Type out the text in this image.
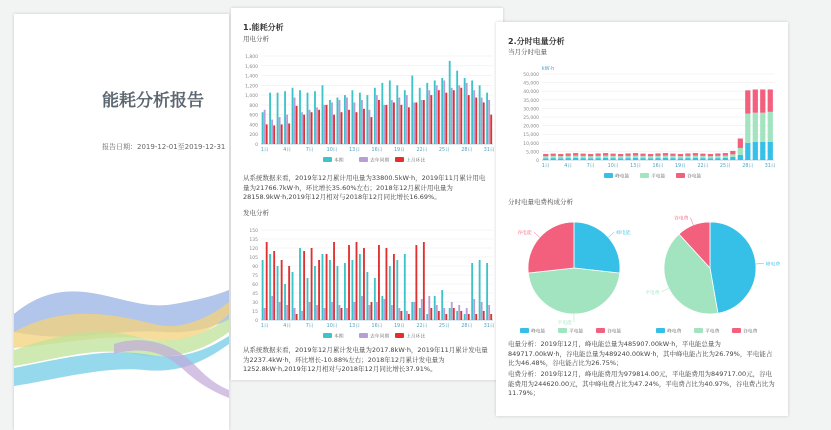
能耗分析报告
报告日期：2019-12-01至2019-12-31
1.能耗分析
用电分析
0
200
400
600
800
1,000
1,200
1,400
1,600
1,800
1日	4日	7日	10日 13日 16日 19日 22日 25日 28日 31日
本期	去年同期	上月环比
从系统数据来看，2019年12月累计用电量为33800.5kW·h，2019年11月累计用电量为21766.7kW·h，环比增长35.60%左右；2018年12月累计用电量为28158.9kW·h,2019年12月相对与2018年12月同比增长16.69%。
发电分析
0
15
30
45
60
75
90
105
120
135
150
1日	4日	7日	10日 13日 16日 19日 22日 25日 28日 31日
本期	去年同期	上月环比
从系统数据来看，2019年12月累计发电量为2017.8kW·h，2019年11月累计发电量为2237.4kW·h，环比增长-10.88%左右；2018年12月累计发电量为1252.8kW·h,2019年12月相对与2018年12月同比增长37.91%。
2.分时电量分析
当月分时电量
0
5,000
10,000
15,000
20,000
25,000
30,000
35,000
40,000
45,000
50,000
kW·h
1日	4日	7日	10日 13日 16日 19日 22日 25日 28日 31日
峰电能	平电能	谷电能
分时电量电费构成分析
峰电能
平电能
谷电能
峰电能	平电能	谷电能
峰电费
平电费
谷电费
峰电费	平电费	谷电费
电量分析：2019年12月，峰电能总量为485907.00kW·h，平电能总量为849717.00kW·h，谷电能总量为489240.00kW·h，其中峰电能占比为26.79%，平电能占比为46.48%，谷电能占比为26.75%；
电费分析：2019年12月，峰电能费用为979814.00元，平电能费用为849717.00元，谷电能费用为244620.00元，其中峰电费占比为47.24%，平电费占比为40.97%，谷电费占比为11.79%；
